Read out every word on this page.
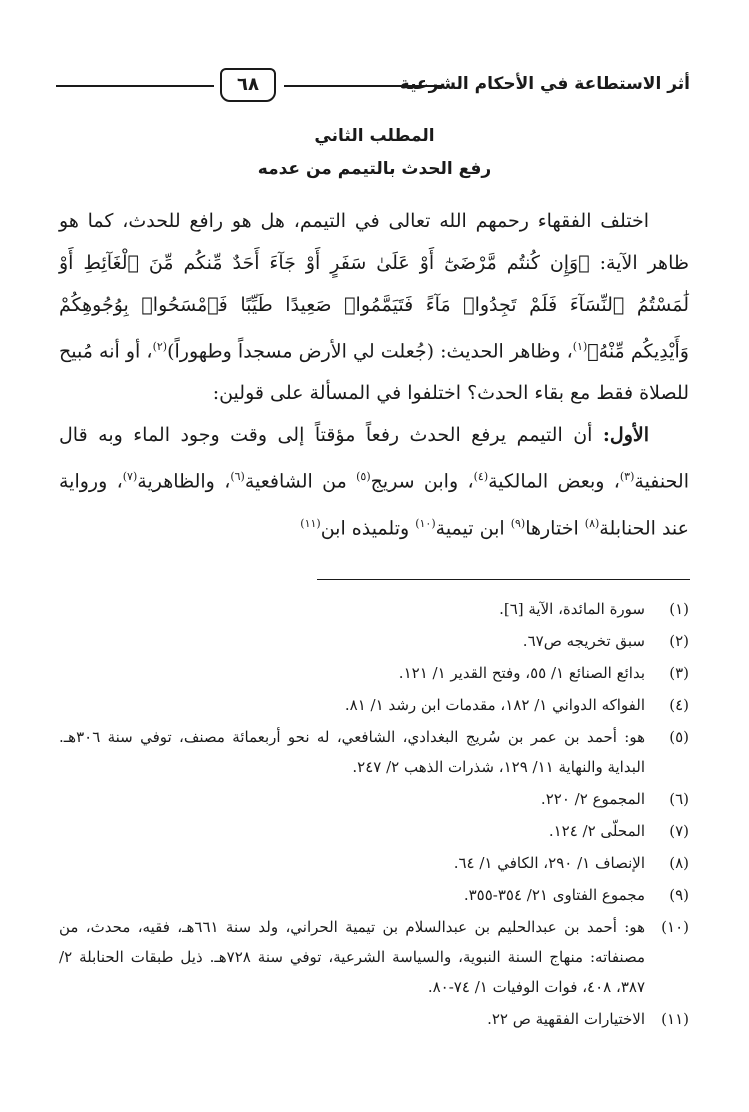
أثر الاستطاعة في الأحكام الشرعية
٦٨
المطلب الثاني
رفع الحدث بالتيمم من عدمه

اختلف الفقهاء رحمهم الله تعالى في التيمم، هل هو رافع للحدث، كما هو ظاهر الآية: ﴿وَإِن كُنتُم مَّرْضَىٰٓ أَوْ عَلَىٰ سَفَرٍ أَوْ جَآءَ أَحَدٌ مِّنكُم مِّنَ ٱلْغَآئِطِ أَوْ لَٰمَسْتُمُ ٱلنِّسَآءَ فَلَمْ تَجِدُوا۟ مَآءً فَتَيَمَّمُوا۟ صَعِيدًا طَيِّبًا فَٱمْسَحُوا۟ بِوُجُوهِكُمْ وَأَيْدِيكُم مِّنْهُ﴾$^{(١)}$، وظاهر الحديث: (جُعلت لي الأرض مسجداً وطهوراً)$^{(٢)}$، أو أنه مُبيح للصلاة فقط مع بقاء الحدث؟ اختلفوا في المسألة على قولين:

الأول: أن التيمم يرفع الحدث رفعاً مؤقتاً إلى وقت وجود الماء وبه قال الحنفية$^{(٣)}$، وبعض المالكية$^{(٤)}$، وابن سريج$^{(٥)}$ من الشافعية$^{(٦)}$، والظاهرية$^{(٧)}$، ورواية عند الحنابلة$^{(٨)}$ اختارها$^{(٩)}$ ابن تيمية$^{(١٠)}$ وتلميذه ابن$^{(١١)}$

(١)
سورة المائدة، الآية [٦].
(٢)
سبق تخريجه ص٦٧.
(٣)
بدائع الصنائع ١/ ٥٥، وفتح القدير ١/ ١٢١.
(٤)
الفواكه الدواني ١/ ١٨٢، مقدمات ابن رشد ١/ ٨١.
(٥)
هو: أحمد بن عمر بن سُريج البغدادي، الشافعي، له نحو أربعمائة مصنف، توفي سنة ٣٠٦هـ. البداية والنهاية ١١/ ١٢٩، شذرات الذهب ٢/ ٢٤٧.
(٦)
المجموع ٢/ ٢٢٠.
(٧)
المحلّى ٢/ ١٢٤.
(٨)
الإنصاف ١/ ٢٩٠، الكافي ١/ ٦٤.
(٩)
مجموع الفتاوى ٢١/ ٣٥٤-٣٥٥.
(١٠)
هو: أحمد بن عبدالحليم بن عبدالسلام بن تيمية الحراني، ولد سنة ٦٦١هـ، فقيه، محدث، من مصنفاته: منهاج السنة النبوية، والسياسة الشرعية، توفي سنة ٧٢٨هـ. ذيل طبقات الحنابلة ٢/ ٣٨٧، ٤٠٨، فوات الوفيات ١/ ٧٤-٨٠.
(١١)
الاختيارات الفقهية ص ٢٢.
